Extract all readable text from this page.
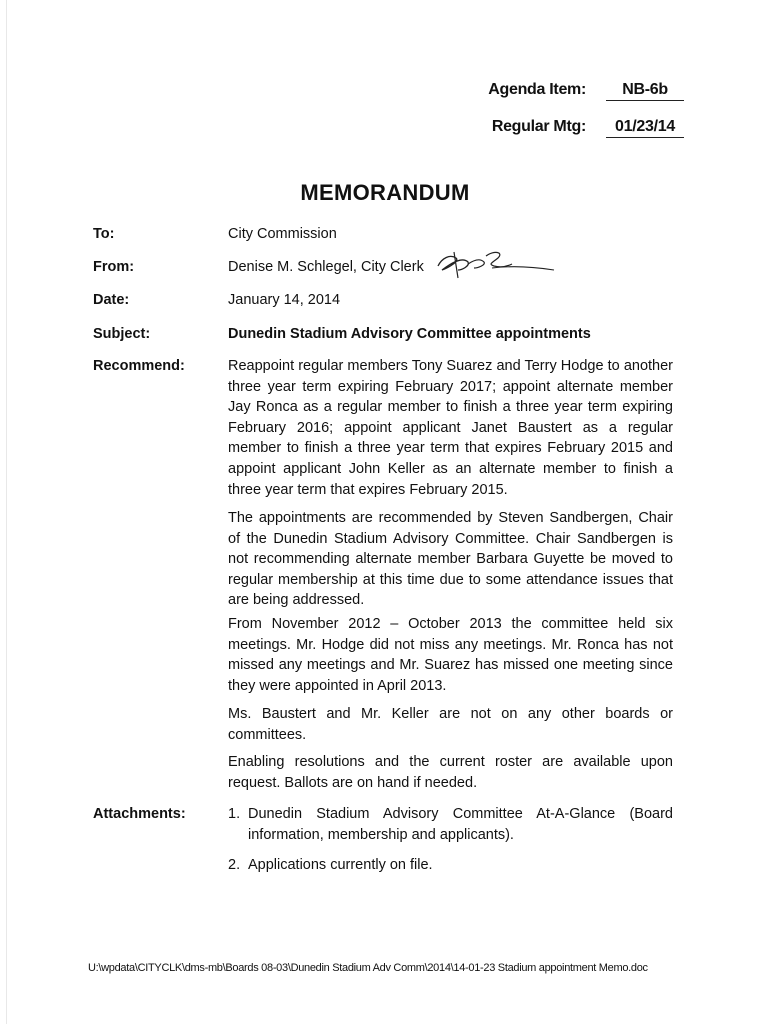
Agenda Item:	NB-6b
Regular Mtg:	01/23/14
MEMORANDUM
To:	City Commission
From:	Denise M. Schlegel, City Clerk
Date:	January 14, 2014
Subject:	Dunedin Stadium Advisory Committee appointments
Recommend:	Reappoint regular members Tony Suarez and Terry Hodge to another three year term expiring February 2017; appoint alternate member Jay Ronca as a regular member to finish a three year term expiring February 2016; appoint applicant Janet Baustert as a regular member to finish a three year term that expires February 2015 and appoint applicant John Keller as an alternate member to finish a three year term that expires February 2015.
The appointments are recommended by Steven Sandbergen, Chair of the Dunedin Stadium Advisory Committee. Chair Sandbergen is not recommending alternate member Barbara Guyette be moved to regular membership at this time due to some attendance issues that are being addressed.
From November 2012 – October 2013 the committee held six meetings. Mr. Hodge did not miss any meetings. Mr. Ronca has not missed any meetings and Mr. Suarez has missed one meeting since they were appointed in April 2013.
Ms. Baustert and Mr. Keller are not on any other boards or committees.
Enabling resolutions and the current roster are available upon request. Ballots are on hand if needed.
Attachments:	1. Dunedin Stadium Advisory Committee At-A-Glance (Board information, membership and applicants).
2. Applications currently on file.
U:\wpdata\CITYCLK\dms-mb\Boards 08-03\Dunedin Stadium Adv Comm\2014\14-01-23 Stadium appointment Memo.doc
